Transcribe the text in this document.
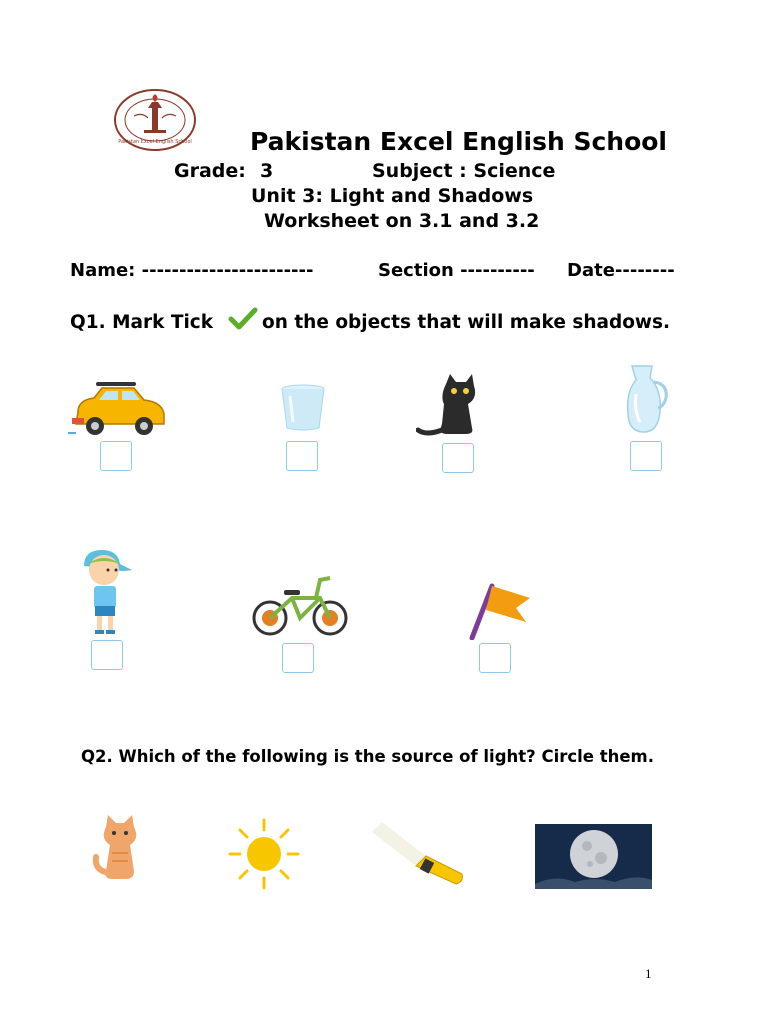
Pakistan Excel English School Pakistan Excel English School
Grade: 3	Subject : Science
Unit 3: Light and Shadows
Worksheet on 3.1 and 3.2
Name: -----------------------	Section ---------- Date--------
Q1. Mark Tick	on the objects that will make shadows.
Q2. Which of the following is the source of light? Circle them.
1
